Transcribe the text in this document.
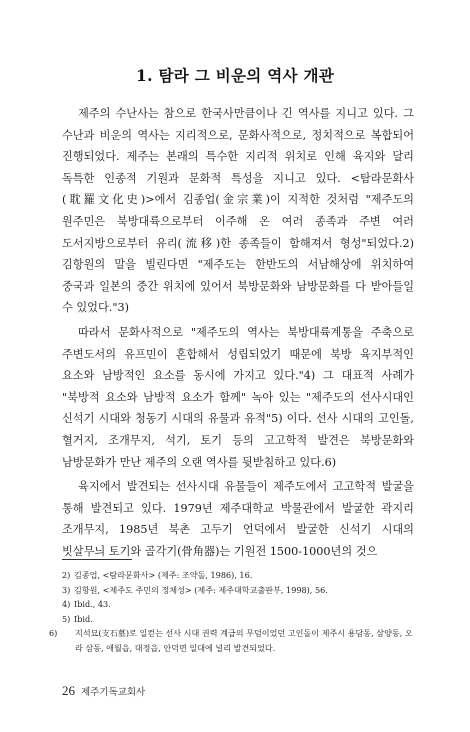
1. 탐라 그 비운의 역사 개관

제주의 수난사는 참으로 한국사만큼이나 긴 역사를 지니고 있다. 그 수난과 비운의 역사는 지리적으로, 문화사적으로, 정치적으로 복합되어 진행되었다. 제주는 본래의 특수한 지리적 위치로 인해 육지와 달리 독특한 인종적 기원과 문화적 특성을 지니고 있다. <탐라문화사(耽羅文化史)>에서 김종업(金宗業)이 지적한 것처럼 "제주도의 원주민은 북방대륙으로부터 이주해 온 여러 종족과 주변 여러 도서지방으로부터 유리(流移)한 종족들이 함해져서 형성"되었다.2) 김항원의 말을 빌린다면 "제주도는 한반도의 서남해상에 위치하여 중국과 일본의 중간 위치에 있어서 북방문화와 남방문화를 다 받아들일 수 있었다."3)

따라서 문화사적으로 "제주도의 역사는 북방대륙계통을 주축으로 주변도서의 유프민이 혼합해서 성립되었기 때문에 북방 육지부적인 요소와 남방적인 요소를 동시에 가지고 있다."4) 그 대표적 사례가 "북방적 요소와 남방적 요소가 함께" 녹아 있는 "제주도의 선사시대인 신석기 시대와 청동기 시대의 유물과 유적"5) 이다. 선사 시대의 고인돌, 혈거지, 조개무지, 석기, 토기 등의 고고학적 발견은 북방문화와 남방문화가 만난 제주의 오랜 역사를 뒷받침하고 있다.6)

육지에서 발견되는 선사시대 유물들이 제주도에서 고고학적 발굴을 통해 발견되고 있다. 1979년 제주대학교 박물관에서 발굴한 곽지리 조개무지, 1985년 북촌 고두기 언덕에서 발굴한 신석기 시대의 빗살무늬 토기와 골각기(骨角器)는 기원전 1500-1000년의 것으

2) 김종업, <탐라문화사> (제주: 조약돌, 1986), 16.
3) 김항원, <제주도 주민의 정체성> (제주: 제주대학교출판부, 1998), 56.
4) Ibid., 43.
5) Ibid.
6) 지석묘(支石墓)로 일컫는 선사 시대 권력 계급의 무덤이었던 고인돌이 제주시 용담동, 삼양동, 오라 삼동, 애월읍, 대정읍, 안덕면 일대에 널리 발견되었다.
26 제주기독교회사
